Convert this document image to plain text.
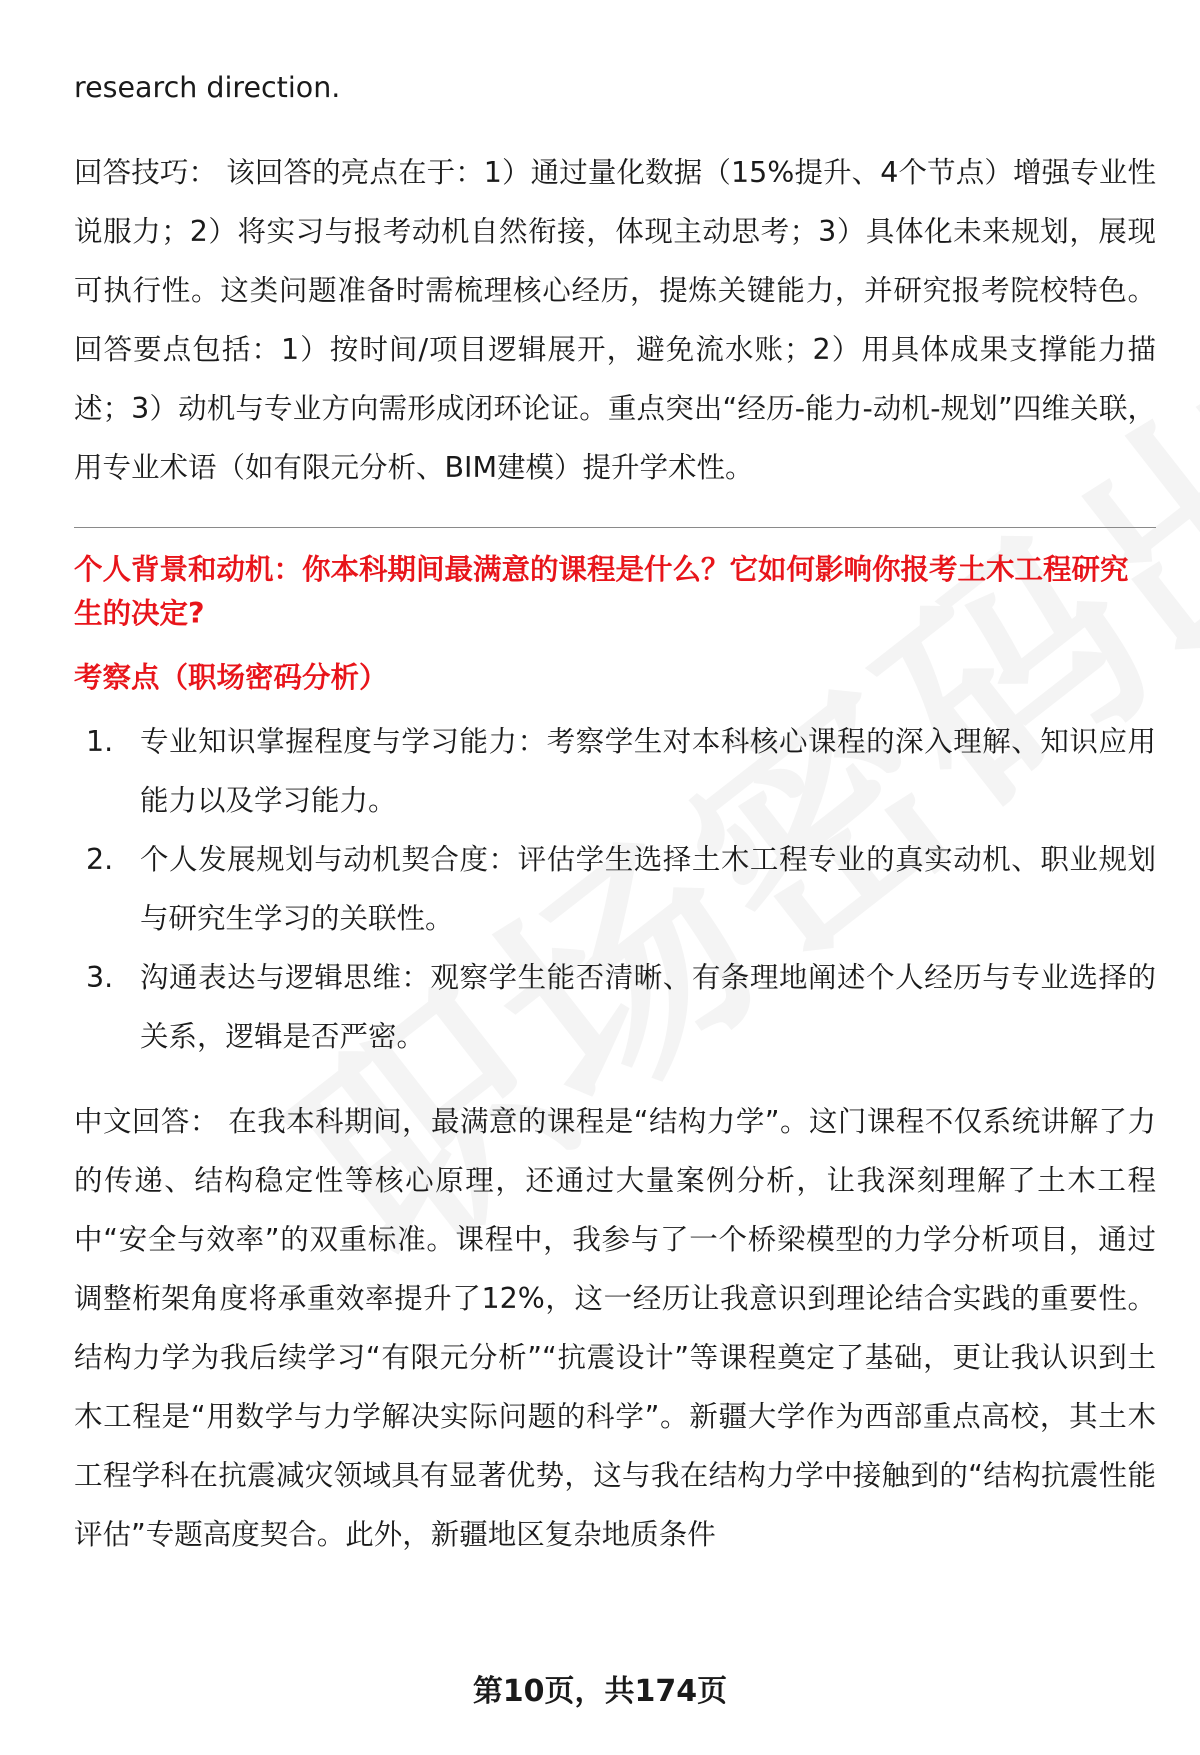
research direction.

回答技巧： 该回答的亮点在于：1）通过量化数据（15%提升、4个节点）增强专业性说服力；2）将实习与报考动机自然衔接，体现主动思考；3）具体化未来规划，展现可执行性。这类问题准备时需梳理核心经历，提炼关键能力，并研究报考院校特色。回答要点包括：1）按时间/项目逻辑展开，避免流水账；2）用具体成果支撑能力描述；3）动机与专业方向需形成闭环论证。重点突出“经历-能力-动机-规划”四维关联，用专业术语（如有限元分析、BIM建模）提升学术性。

个人背景和动机：你本科期间最满意的课程是什么？它如何影响你报考土木工程研究生的决定?

考察点（职场密码分析）

1. 专业知识掌握程度与学习能力：考察学生对本科核心课程的深入理解、知识应用能力以及学习能力。
2. 个人发展规划与动机契合度：评估学生选择土木工程专业的真实动机、职业规划与研究生学习的关联性。
3. 沟通表达与逻辑思维：观察学生能否清晰、有条理地阐述个人经历与专业选择的关系，逻辑是否严密。

中文回答： 在我本科期间，最满意的课程是“结构力学”。这门课程不仅系统讲解了力的传递、结构稳定性等核心原理，还通过大量案例分析，让我深刻理解了土木工程中“安全与效率”的双重标准。课程中，我参与了一个桥梁模型的力学分析项目，通过调整桁架角度将承重效率提升了12%，这一经历让我意识到理论结合实践的重要性。结构力学为我后续学习“有限元分析”“抗震设计”等课程奠定了基础，更让我认识到土木工程是“用数学与力学解决实际问题的科学”。新疆大学作为西部重点高校，其土木工程学科在抗震减灾领域具有显著优势，这与我在结构力学中接触到的“结构抗震性能评估”专题高度契合。此外，新疆地区复杂地质条件

第10页，共174页
